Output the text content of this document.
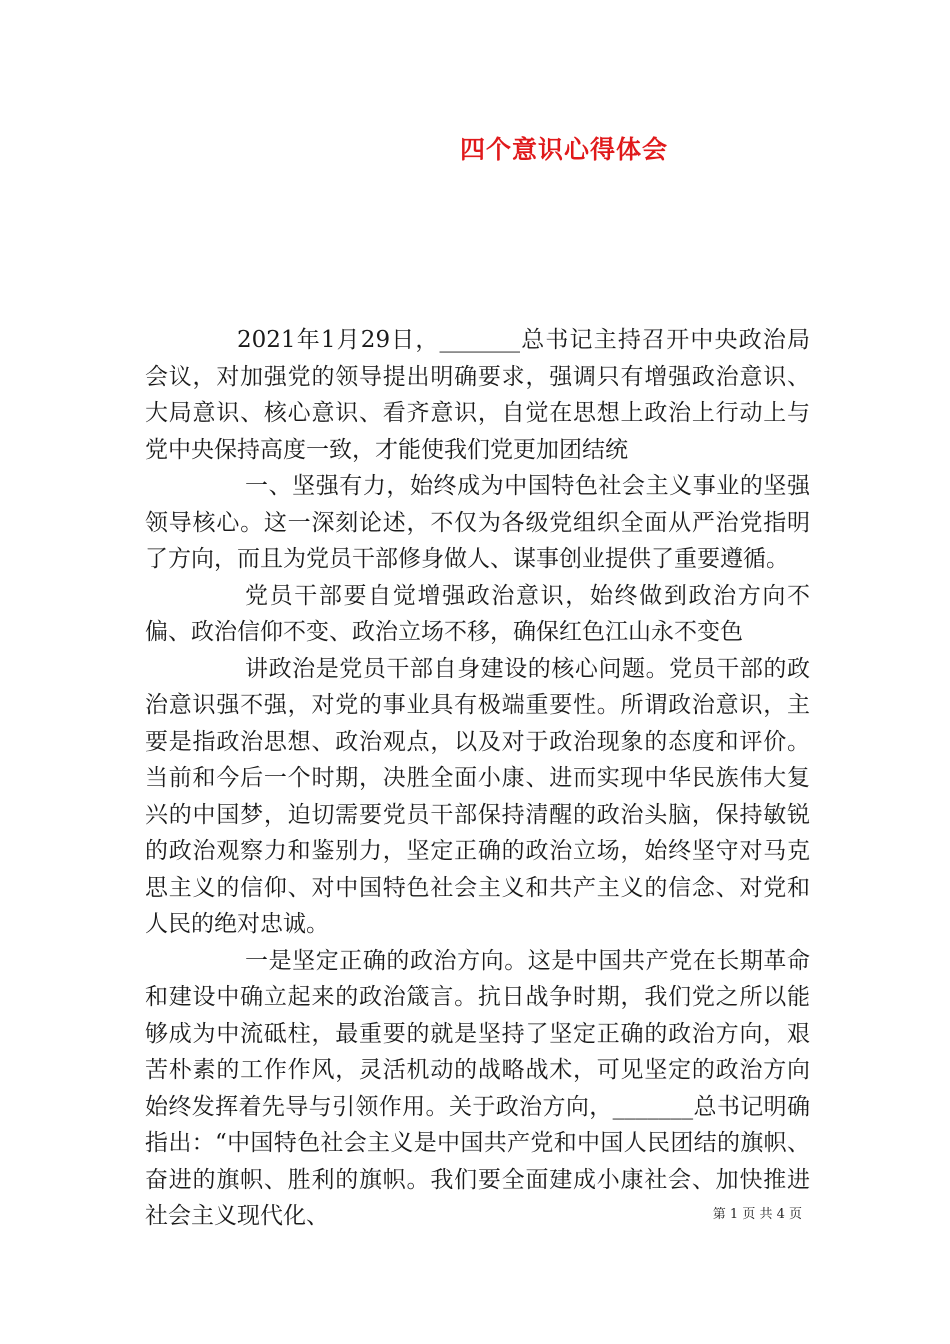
四个意识心得体会

2021年1月29日，_______总书记主持召开中央政治局会议，对加强党的领导提出明确要求，强调只有增强政治意识、大局意识、核心意识、看齐意识，自觉在思想上政治上行动上与党中央保持高度一致，才能使我们党更加团结统

一、坚强有力，始终成为中国特色社会主义事业的坚强领导核心。这一深刻论述，不仅为各级党组织全面从严治党指明了方向，而且为党员干部修身做人、谋事创业提供了重要遵循。

党员干部要自觉增强政治意识，始终做到政治方向不偏、政治信仰不变、政治立场不移，确保红色江山永不变色

讲政治是党员干部自身建设的核心问题。党员干部的政治意识强不强，对党的事业具有极端重要性。所谓政治意识，主要是指政治思想、政治观点，以及对于政治现象的态度和评价。当前和今后一个时期，决胜全面小康、进而实现中华民族伟大复兴的中国梦，迫切需要党员干部保持清醒的政治头脑，保持敏锐的政治观察力和鉴别力，坚定正确的政治立场，始终坚守对马克思主义的信仰、对中国特色社会主义和共产主义的信念、对党和人民的绝对忠诚。

一是坚定正确的政治方向。这是中国共产党在长期革命和建设中确立起来的政治箴言。抗日战争时期，我们党之所以能够成为中流砥柱，最重要的就是坚持了坚定正确的政治方向，艰苦朴素的工作作风，灵活机动的战略战术，可见坚定的政治方向始终发挥着先导与引领作用。关于政治方向，_______总书记明确指出：“中国特色社会主义是中国共产党和中国人民团结的旗帜、奋进的旗帜、胜利的旗帜。我们要全面建成小康社会、加快推进社会主义现代化、	第 1 页 共 4 页
